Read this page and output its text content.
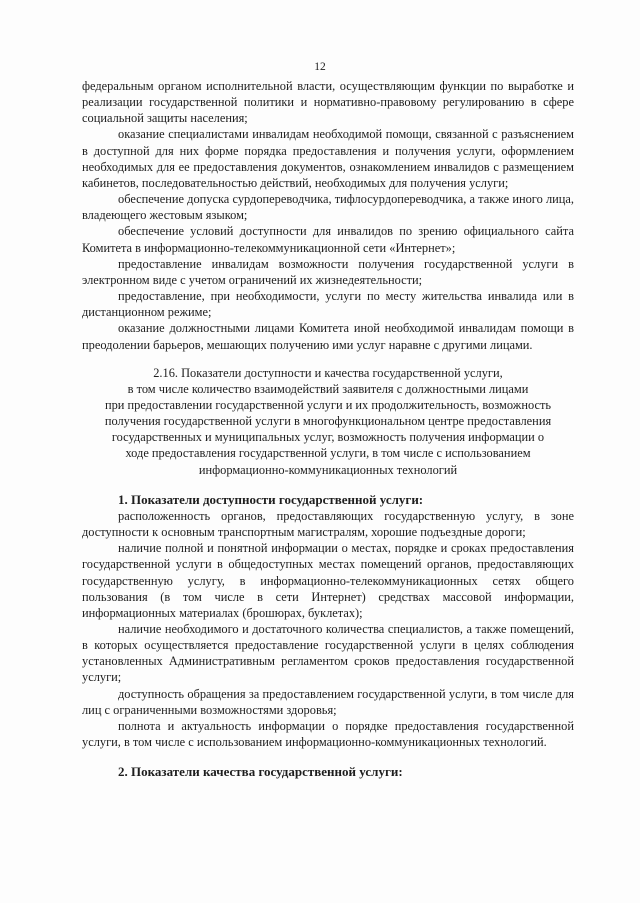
12

федеральным органом исполнительной власти, осуществляющим функции по выработке и реализации государственной политики и нормативно-правовому регулированию в сфере социальной защиты населения;

оказание специалистами инвалидам необходимой помощи, связанной с разъяснением в доступной для них форме порядка предоставления и получения услуги, оформлением необходимых для ее предоставления документов, ознакомлением инвалидов с размещением кабинетов, последовательностью действий, необходимых для получения услуги;

обеспечение допуска сурдопереводчика, тифлосурдопереводчика, а также иного лица, владеющего жестовым языком;

обеспечение условий доступности для инвалидов по зрению официального сайта Комитета в информационно-телекоммуникационной сети «Интернет»;

предоставление инвалидам возможности получения государственной услуги в электронном виде с учетом ограничений их жизнедеятельности;

предоставление, при необходимости, услуги по месту жительства инвалида или в дистанционном режиме;

оказание должностными лицами Комитета иной необходимой инвалидам помощи в преодолении барьеров, мешающих получению ими услуг наравне с другими лицами.

2.16. Показатели доступности и качества государственной услуги,

в том числе количество взаимодействий заявителя с должностными лицами

при предоставлении государственной услуги и их продолжительность, возможность

получения государственной услуги в многофункциональном центре предоставления

государственных и муниципальных услуг, возможность получения информации о

ходе предоставления государственной услуги, в том числе с использованием

информационно-коммуникационных технологий

1. Показатели доступности государственной услуги:

расположенность органов, предоставляющих государственную услугу, в зоне доступности к основным транспортным магистралям, хорошие подъездные дороги;

наличие полной и понятной информации о местах, порядке и сроках предоставления государственной услуги в общедоступных местах помещений органов, предоставляющих государственную услугу, в информационно-телекоммуникационных сетях общего пользования (в том числе в сети Интернет) средствах массовой информации, информационных материалах (брошюрах, буклетах);

наличие необходимого и достаточного количества специалистов, а также помещений, в которых осуществляется предоставление государственной услуги в целях соблюдения установленных Административным регламентом сроков предоставления государственной услуги;

доступность обращения за предоставлением государственной услуги, в том числе для лиц с ограниченными возможностями здоровья;

полнота и актуальность информации о порядке предоставления государственной услуги, в том числе с использованием информационно-коммуникационных технологий.

2. Показатели качества государственной услуги:
